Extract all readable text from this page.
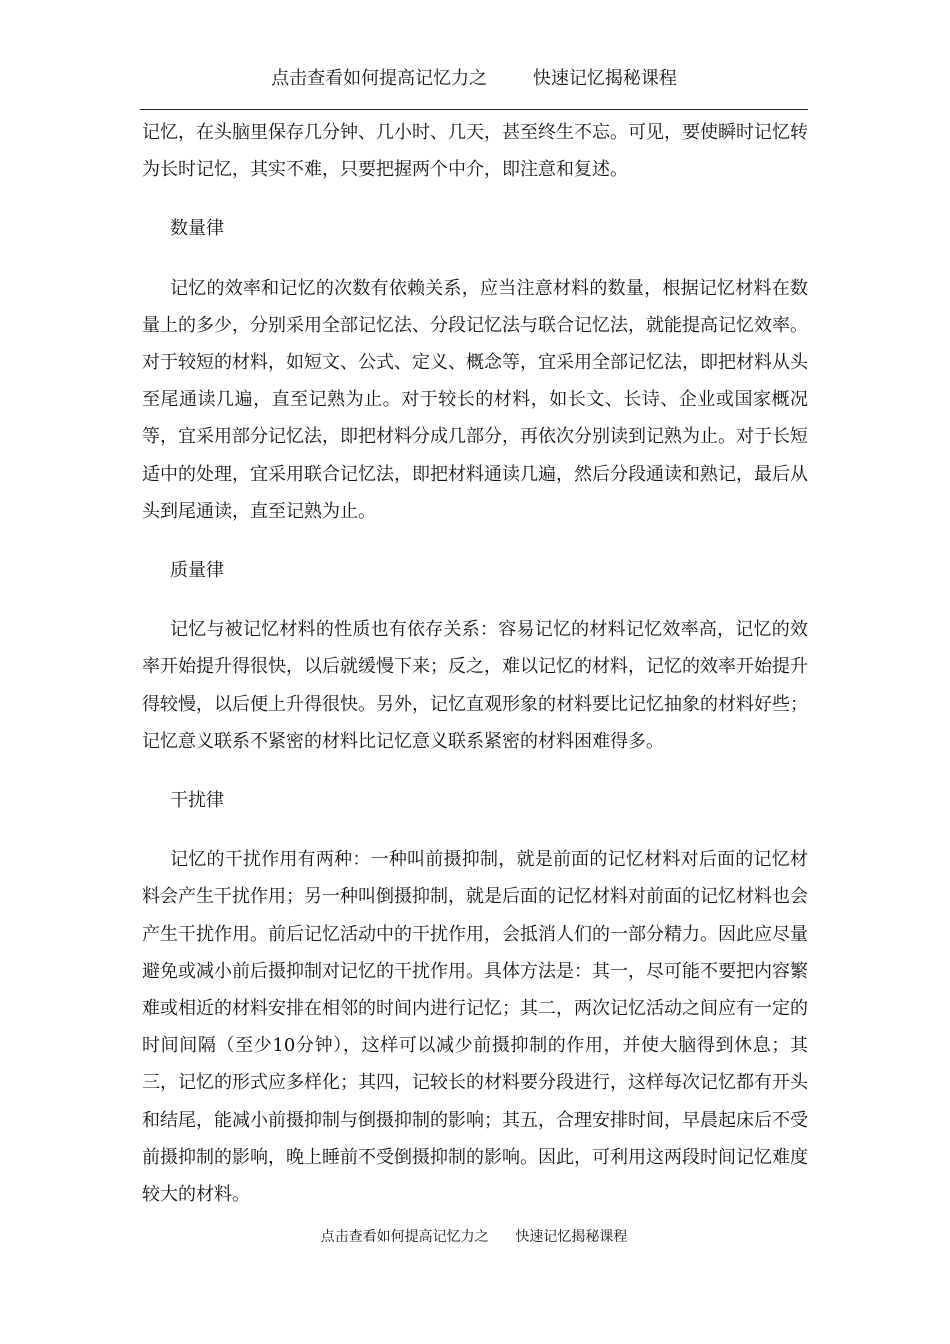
点击查看如何提高记忆力之        快速记忆揭秘课程

记忆，在头脑里保存几分钟、几小时、几天，甚至终生不忘。可见，要使瞬时记忆转为长时记忆，其实不难，只要把握两个中介，即注意和复述。

数量律

记忆的效率和记忆的次数有依赖关系，应当注意材料的数量，根据记忆材料在数量上的多少，分别采用全部记忆法、分段记忆法与联合记忆法，就能提高记忆效率。对于较短的材料，如短文、公式、定义、概念等，宜采用全部记忆法，即把材料从头至尾通读几遍，直至记熟为止。对于较长的材料，如长文、长诗、企业或国家概况等，宜采用部分记忆法，即把材料分成几部分，再依次分别读到记熟为止。对于长短适中的处理，宜采用联合记忆法，即把材料通读几遍，然后分段通读和熟记，最后从头到尾通读，直至记熟为止。

质量律

记忆与被记忆材料的性质也有依存关系：容易记忆的材料记忆效率高，记忆的效率开始提升得很快，以后就缓慢下来；反之，难以记忆的材料，记忆的效率开始提升得较慢，以后便上升得很快。另外，记忆直观形象的材料要比记忆抽象的材料好些；记忆意义联系不紧密的材料比记忆意义联系紧密的材料困难得多。

干扰律

记忆的干扰作用有两种：一种叫前摄抑制，就是前面的记忆材料对后面的记忆材料会产生干扰作用；另一种叫倒摄抑制，就是后面的记忆材料对前面的记忆材料也会产生干扰作用。前后记忆活动中的干扰作用，会抵消人们的一部分精力。因此应尽量避免或减小前后摄抑制对记忆的干扰作用。具体方法是：其一，尽可能不要把内容繁难或相近的材料安排在相邻的时间内进行记忆；其二，两次记忆活动之间应有一定的时间间隔（至少10分钟），这样可以减少前摄抑制的作用，并使大脑得到休息；其三，记忆的形式应多样化；其四，记较长的材料要分段进行，这样每次记忆都有开头和结尾，能减小前摄抑制与倒摄抑制的影响；其五，合理安排时间，早晨起床后不受前摄抑制的影响，晚上睡前不受倒摄抑制的影响。因此，可利用这两段时间记忆难度较大的材料。

点击查看如何提高记忆力之      快速记忆揭秘课程
